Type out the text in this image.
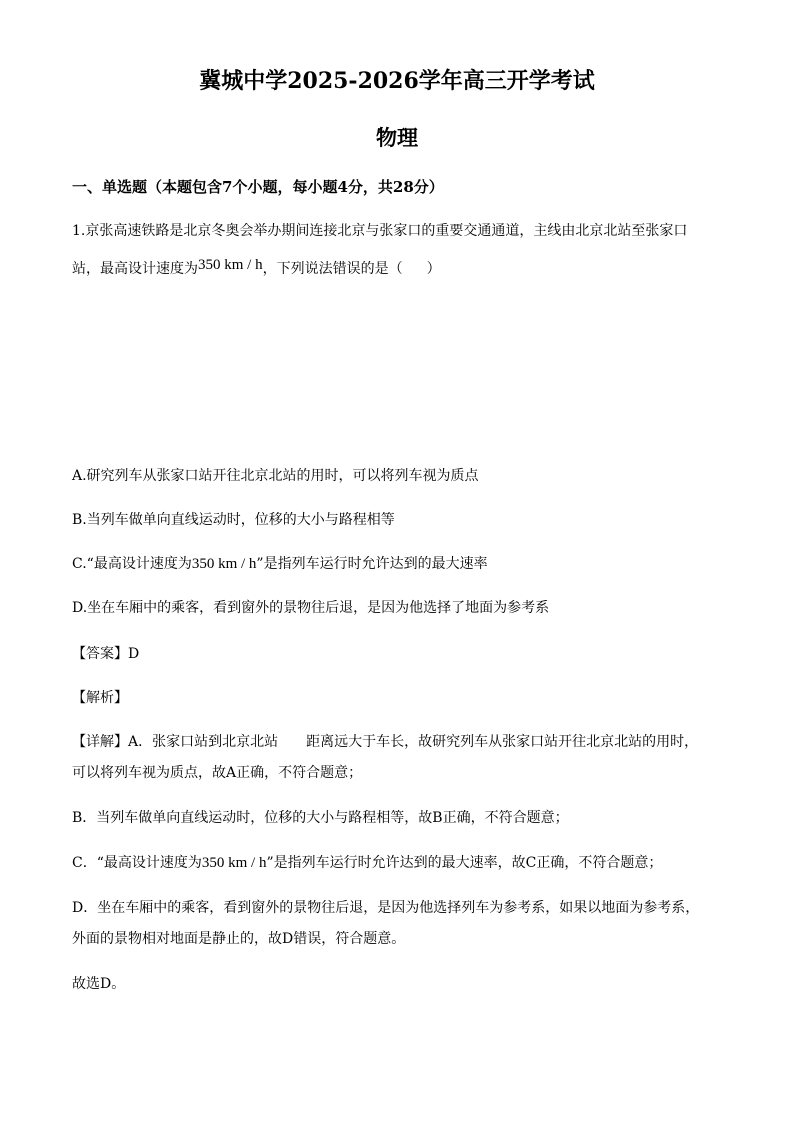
冀城中学2025-2026学年高三开学考试
物理
一、单选题（本题包含7个小题，每小题4分，共28分）
1.京张高速铁路是北京冬奥会举办期间连接北京与张家口的重要交通通道，主线由北京北站至张家口
站，最高设计速度为350 km / h，下列说法错误的是（ ）
A.研究列车从张家口站开往北京北站的用时，可以将列车视为质点
B.当列车做单向直线运动时，位移的大小与路程相等
C.“最高设计速度为350 km / h”是指列车运行时允许达到的最大速率
D.坐在车厢中的乘客，看到窗外的景物往后退，是因为他选择了地面为参考系
【答案】D
【解析】
【详解】A．张家口站到北京北站 距离远大于车长，故研究列车从张家口站开往北京北站的用时，
可以将列车视为质点，故A正确，不符合题意；
B．当列车做单向直线运动时，位移的大小与路程相等，故B正确，不符合题意；
C．“最高设计速度为350 km / h”是指列车运行时允许达到的最大速率，故C正确，不符合题意；
D．坐在车厢中的乘客，看到窗外的景物往后退，是因为他选择列车为参考系，如果以地面为参考系，
外面的景物相对地面是静止的，故D错误，符合题意。
故选D。
